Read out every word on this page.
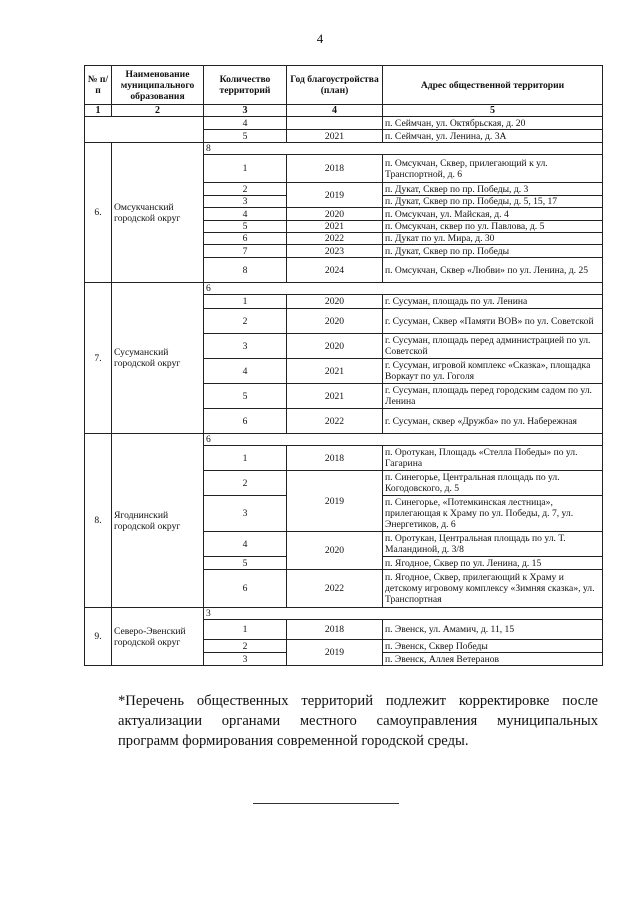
4
№ п/п	Наименование муниципального образования	Количество территорий	Год благоустройства (план)	Адрес общественной территории
1	2	3	4	5
		4		п. Сеймчан, ул. Октябрьская, д. 20
		5	2021	п. Сеймчан, ул. Ленина, д. 3А
6.	Омсукчанский городской округ	8		
		1	2018	п. Омсукчан, Сквер, прилегающий к ул. Транспортной, д. 6
		2	2019	п. Дукат, Сквер по пр. Победы, д. 3
		3		п. Дукат, Сквер по пр. Победы, д. 5, 15, 17
		4	2020	п. Омсукчан, ул. Майская, д. 4
		5	2021	п. Омсукчан, сквер по ул. Павлова, д. 5
		6	2022	п. Дукат по ул. Мира, д. 30
		7	2023	п. Дукат, Сквер по пр. Победы
		8	2024	п. Омсукчан, Сквер «Любви» по ул. Ленина, д. 25
7.	Сусуманский городской округ	6		
		1	2020	г. Сусуман, площадь по ул. Ленина
		2	2020	г. Сусуман, Сквер «Памяти ВОВ» по ул. Советской
		3	2020	г. Сусуман, площадь перед администрацией по ул. Советской
		4	2021	г. Сусуман, игровой комплекс «Сказка», площадка Воркаут по ул. Гоголя
		5	2021	г. Сусуман, площадь перед городским садом по ул. Ленина
		6	2022	г. Сусуман, сквер «Дружба» по ул. Набережная
8.	Ягоднинский городской округ	6		
		1	2018	п. Оротукан, Площадь «Стелла Победы» по ул. Гагарина
		2	2019	п. Синегорье, Центральная площадь по ул. Когодовского, д. 5
		3		п. Синегорье, «Потемкинская лестница», прилегающая к Храму по ул. Победы, д. 7, ул. Энергетиков, д. 6
		4	2020	п. Оротукан, Центральная площадь по ул. Т. Маландиной, д. 3/8
		5		п. Ягодное, Сквер по ул. Ленина, д. 15
		6	2022	п. Ягодное, Сквер, прилегающий к Храму и детскому игровому комплексу «Зимняя сказка», ул. Транспортная
9.	Северо-Эвенский городской округ	3		
		1	2018	п. Эвенск, ул. Амамич, д. 11, 15
		2	2019	п. Эвенск, Сквер Победы
		3		п. Эвенск, Аллея Ветеранов
*Перечень общественных территорий подлежит корректировке после актуализации органами местного самоуправления муниципальных программ формирования современной городской среды.
